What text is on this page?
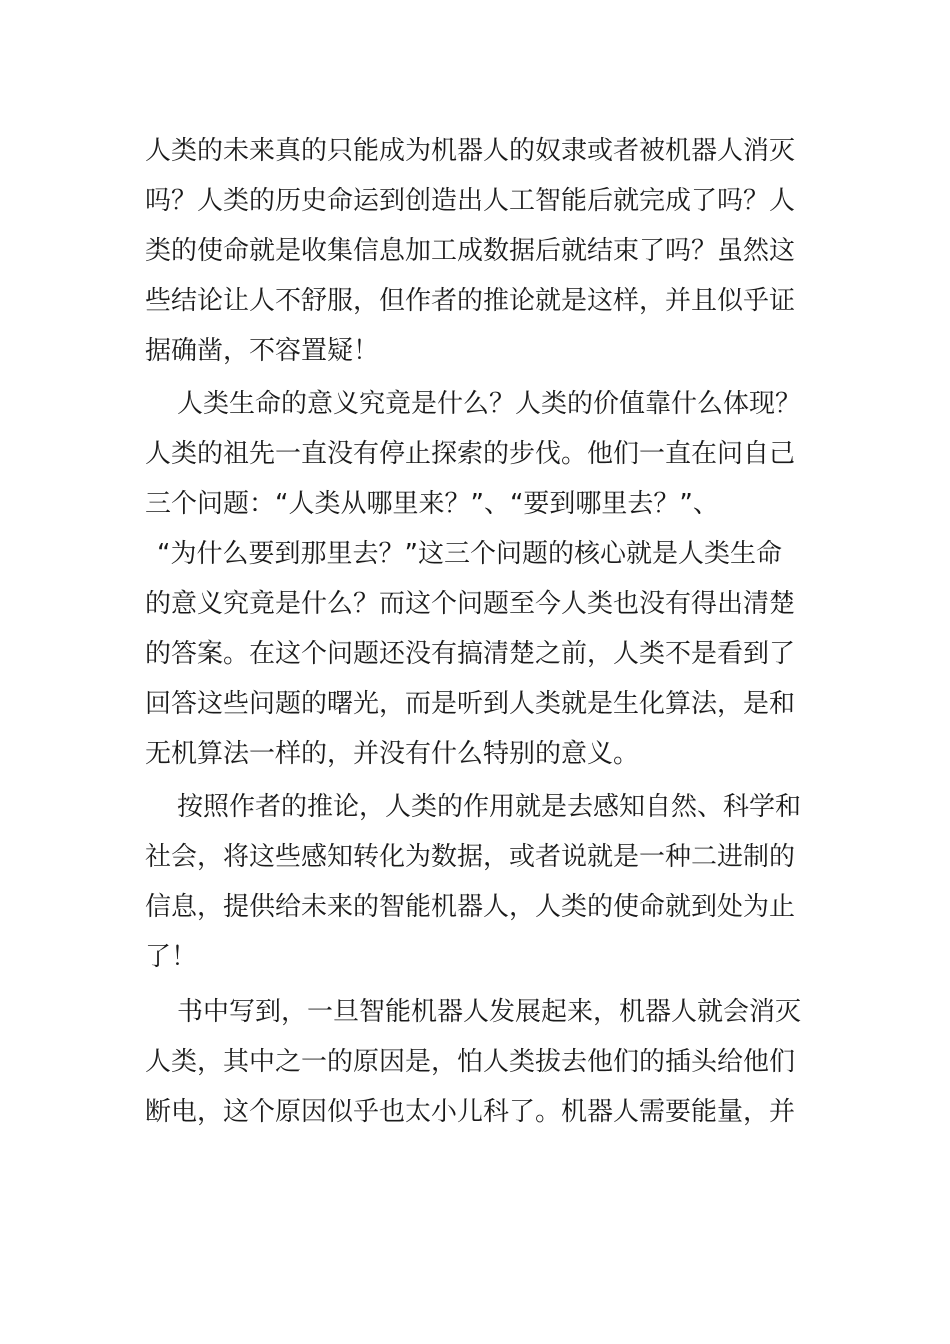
人类的未来真的只能成为机器人的奴隶或者被机器人消灭
吗？人类的历史命运到创造出人工智能后就完成了吗？人
类的使命就是收集信息加工成数据后就结束了吗？虽然这
些结论让人不舒服，但作者的推论就是这样，并且似乎证
据确凿，不容置疑！
人类生命的意义究竟是什么？人类的价值靠什么体现？
人类的祖先一直没有停止探索的步伐。他们一直在问自己
三个问题：“人类从哪里来？”、“要到哪里去？”、
“为什么要到那里去？”这三个问题的核心就是人类生命
的意义究竟是什么？而这个问题至今人类也没有得出清楚
的答案。在这个问题还没有搞清楚之前，人类不是看到了
回答这些问题的曙光，而是听到人类就是生化算法，是和
无机算法一样的，并没有什么特别的意义。
按照作者的推论，人类的作用就是去感知自然、科学和
社会，将这些感知转化为数据，或者说就是一种二进制的
信息，提供给未来的智能机器人，人类的使命就到处为止
了！
书中写到，一旦智能机器人发展起来，机器人就会消灭
人类，其中之一的原因是，怕人类拔去他们的插头给他们
断电，这个原因似乎也太小儿科了。机器人需要能量，并
